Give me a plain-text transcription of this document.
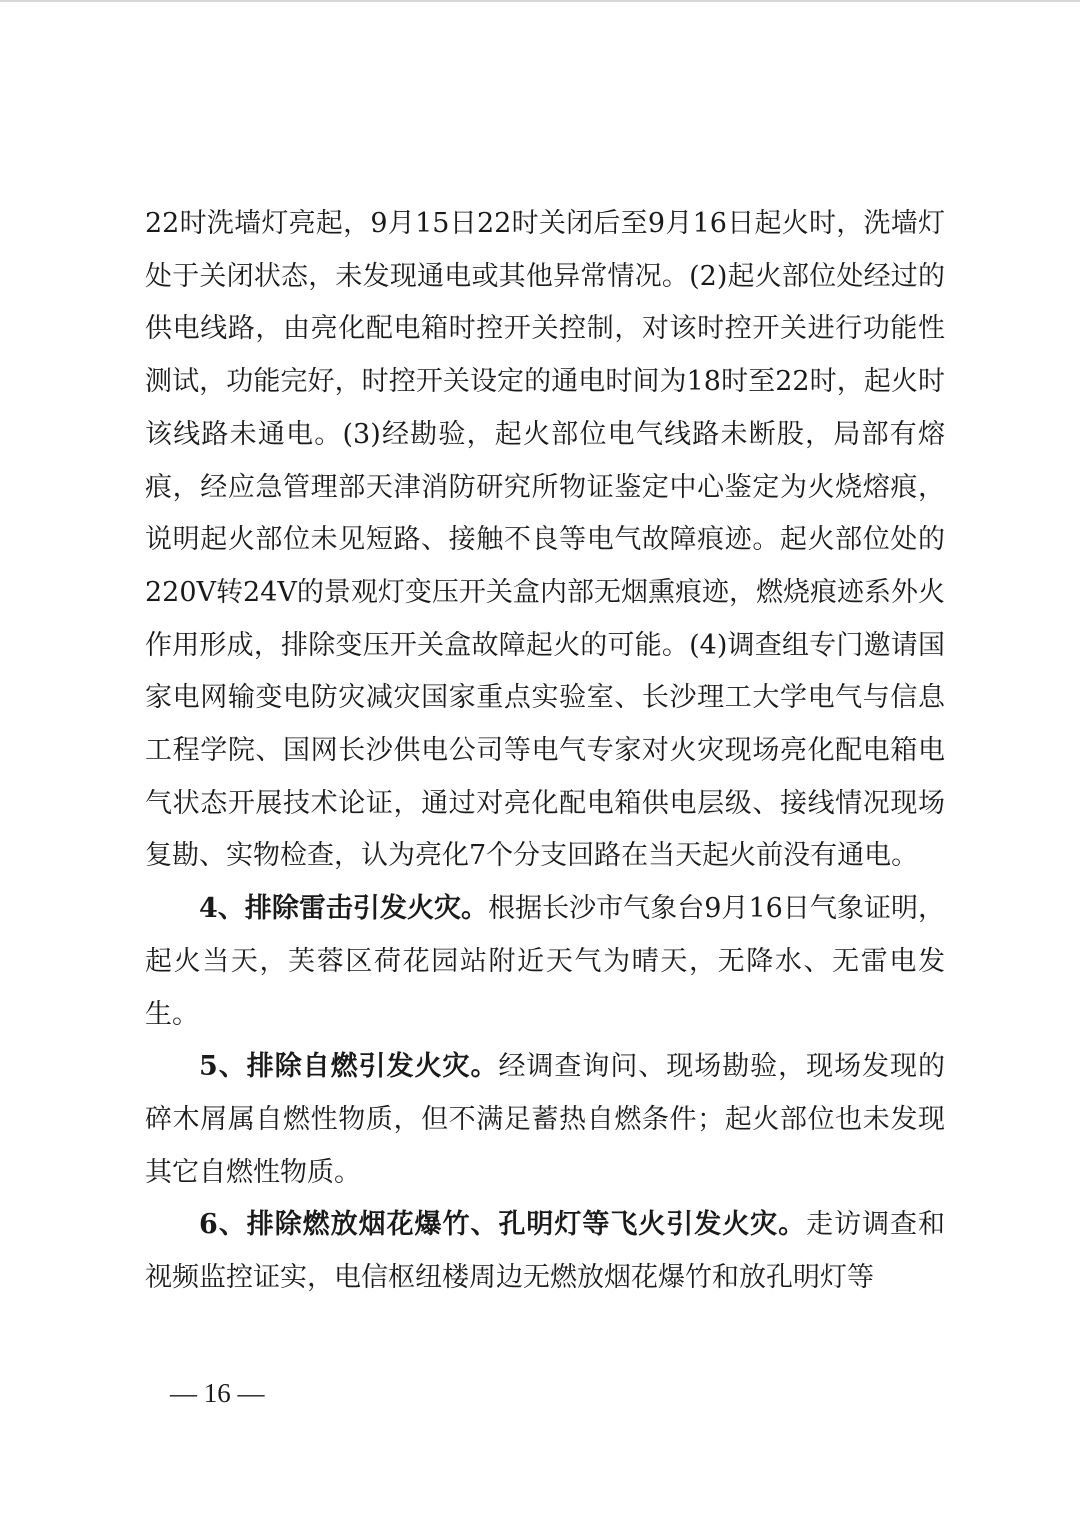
22时洗墙灯亮起，9月15日22时关闭后至9月16日起火时，洗墙灯处于关闭状态，未发现通电或其他异常情况。(2)起火部位处经过的供电线路，由亮化配电箱时控开关控制，对该时控开关进行功能性测试，功能完好，时控开关设定的通电时间为18时至22时，起火时该线路未通电。(3)经勘验，起火部位电气线路未断股，局部有熔痕，经应急管理部天津消防研究所物证鉴定中心鉴定为火烧熔痕，说明起火部位未见短路、接触不良等电气故障痕迹。起火部位处的220V转24V的景观灯变压开关盒内部无烟熏痕迹，燃烧痕迹系外火作用形成，排除变压开关盒故障起火的可能。(4)调查组专门邀请国家电网输变电防灾减灾国家重点实验室、长沙理工大学电气与信息工程学院、国网长沙供电公司等电气专家对火灾现场亮化配电箱电气状态开展技术论证，通过对亮化配电箱供电层级、接线情况现场复勘、实物检查，认为亮化7个分支回路在当天起火前没有通电。

4、排除雷击引发火灾。根据长沙市气象台9月16日气象证明，起火当天，芙蓉区荷花园站附近天气为晴天，无降水、无雷电发生。

5、排除自燃引发火灾。经调查询问、现场勘验，现场发现的碎木屑属自燃性物质，但不满足蓄热自燃条件；起火部位也未发现其它自燃性物质。

6、排除燃放烟花爆竹、孔明灯等飞火引发火灾。走访调查和视频监控证实，电信枢纽楼周边无燃放烟花爆竹和放孔明灯等

— 16 —
